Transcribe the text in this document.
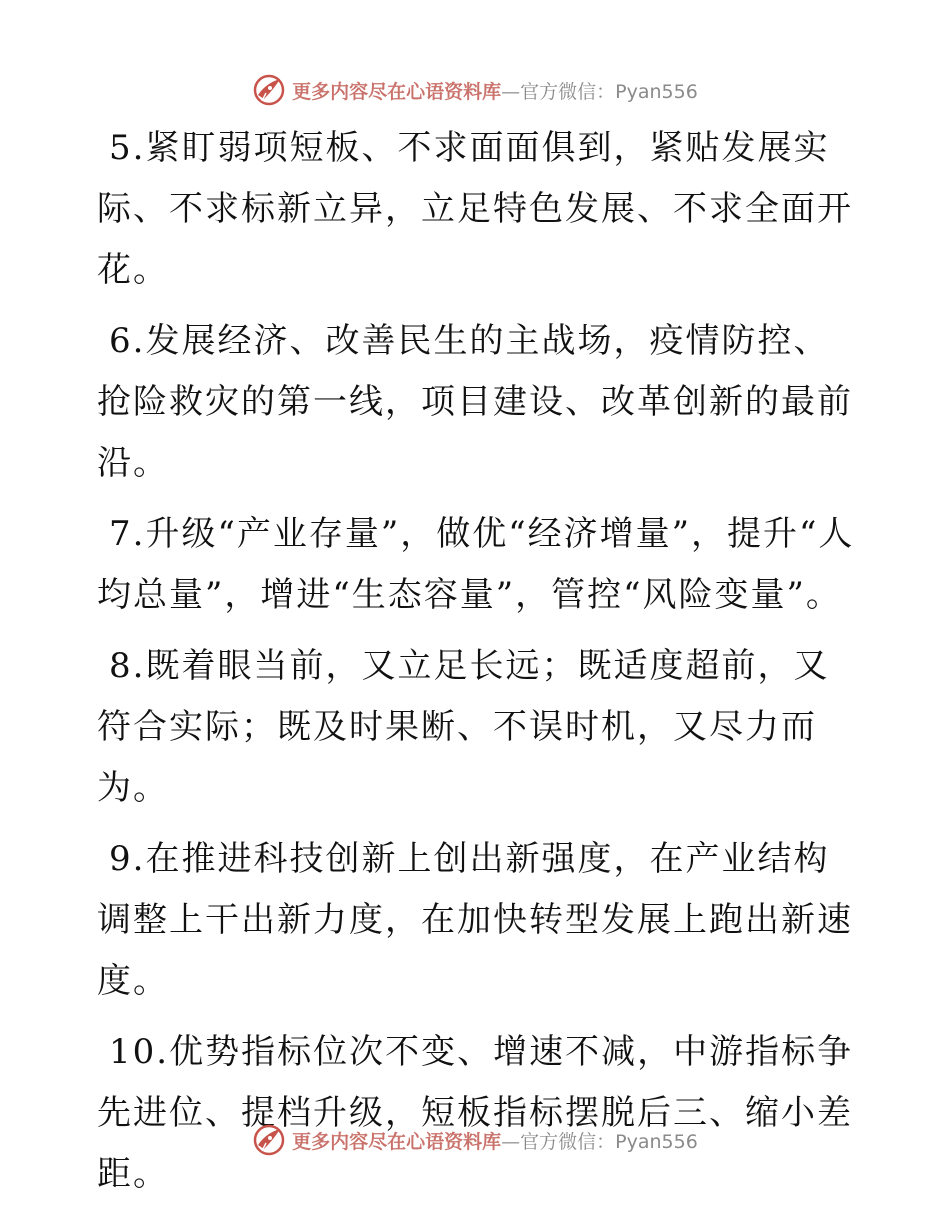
更多内容尽在心语资料库—官方微信：Pyan556

5.紧盯弱项短板、不求面面俱到，紧贴发展实际、不求标新立异，立足特色发展、不求全面开花。

6.发展经济、改善民生的主战场，疫情防控、抢险救灾的第一线，项目建设、改革创新的最前沿。

7.升级“产业存量”，做优“经济增量”，提升“人均总量”，增进“生态容量”，管控“风险变量”。

8.既着眼当前，又立足长远；既适度超前，又符合实际；既及时果断、不误时机，又尽力而为。

9.在推进科技创新上创出新强度，在产业结构调整上干出新力度，在加快转型发展上跑出新速度。

10.优势指标位次不变、增速不减，中游指标争先进位、提档升级，短板指标摆脱后三、缩小差距。

更多内容尽在心语资料库—官方微信：Pyan556
